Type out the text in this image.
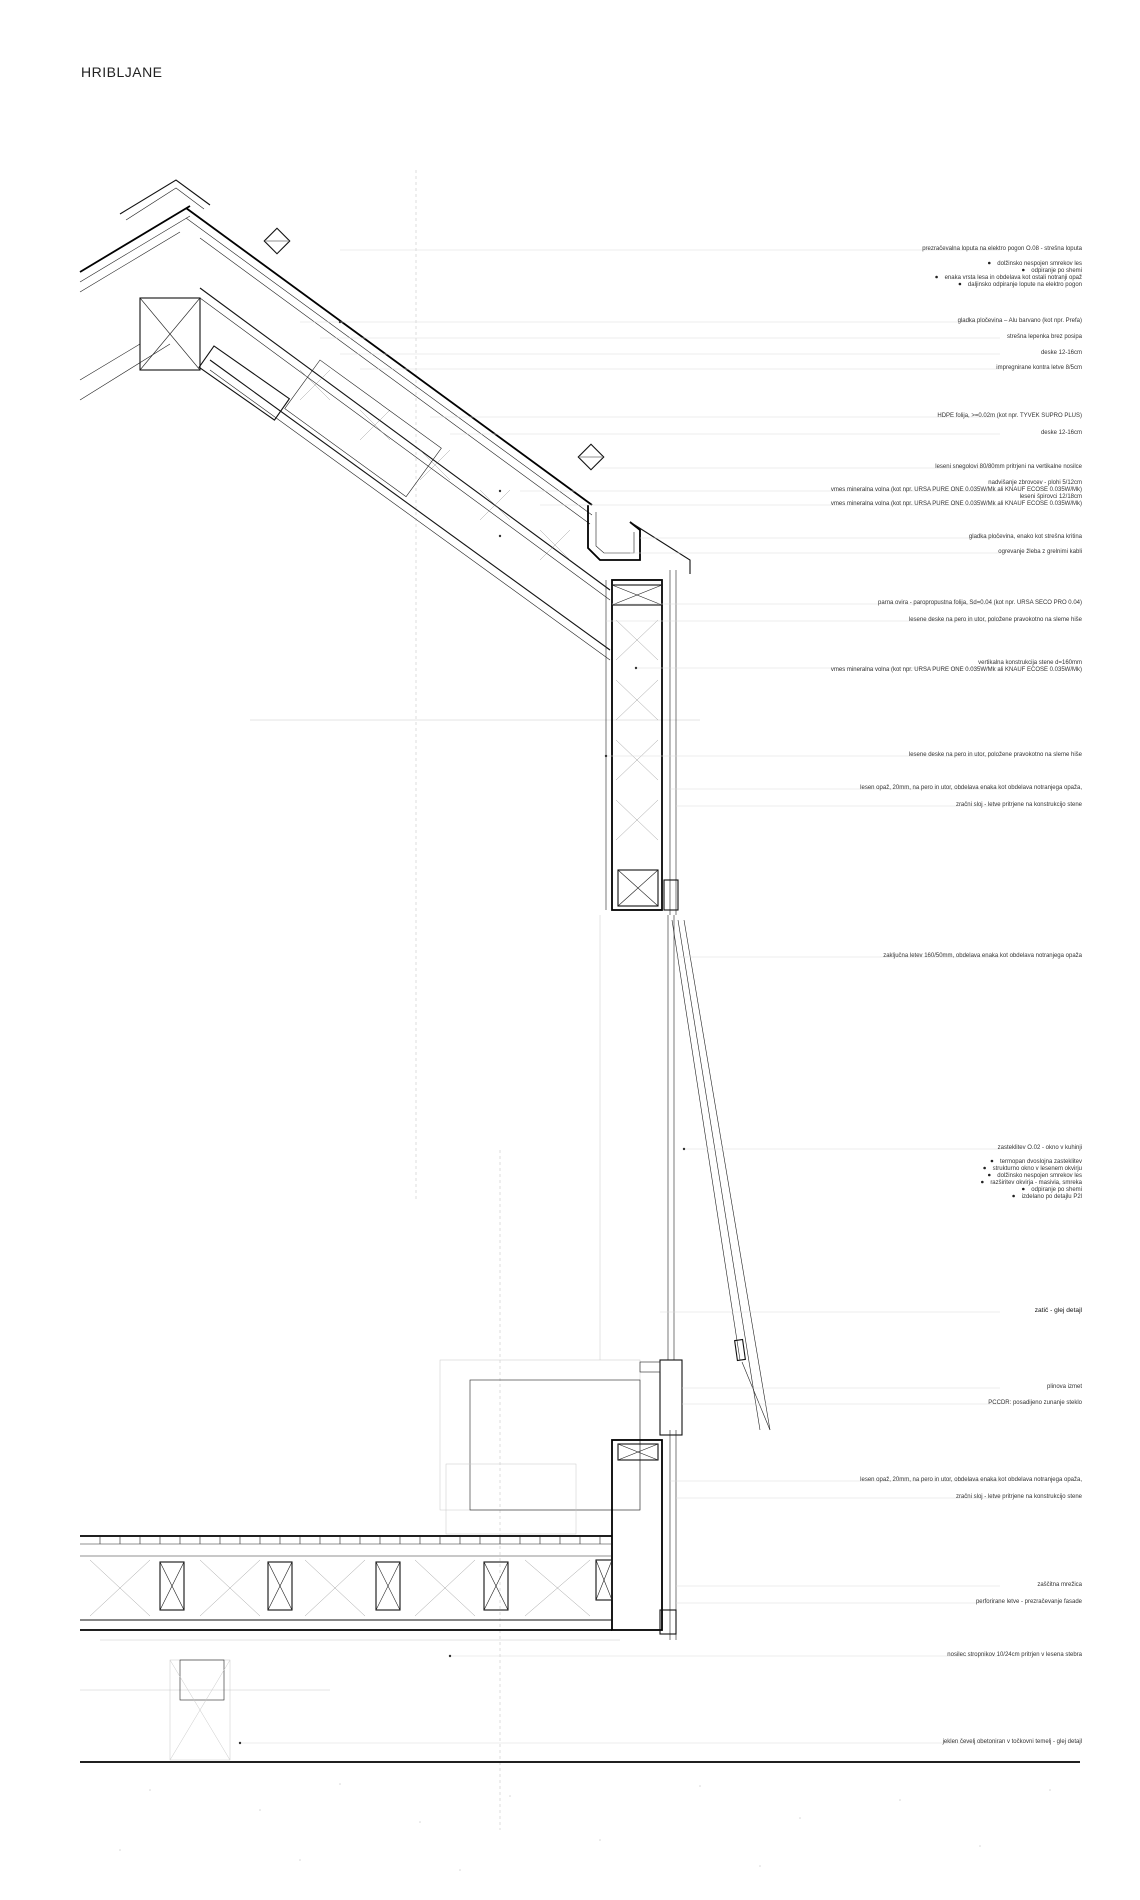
HRIBLJANE
prezračevalna loputa na elektro pogon O.08 - strešna loputa
dolžinsko nespojen smrekov les
odpiranje po shemi
enaka vrsta lesa in obdelava kot ostali notranji opaž
daljinsko odpiranje lopute na elektro pogon
gladka pločevina – Alu barvano (kot npr. Prefa)
strešna lepenka brez posipa
deske 12-16cm
impregnirane kontra letve 8/5cm
HDPE folija, >=0.02m (kot npr. TYVEK SUPRO PLUS)
deske 12-16cm
leseni snegolovi 80/80mm pritrjeni na vertikalne nosilce
nadvišanje zbrovcev - plohi 5/12cm
vmes mineralna volna (kot npr. URSA PURE ONE 0.035W/Mk ali KNAUF ECOSE 0.035W/Mk)
leseni špirovci 12/18cm
vmes mineralna volna (kot npr. URSA PURE ONE 0.035W/Mk ali KNAUF ECOSE 0.035W/Mk)
gladka pločevina, enako kot strešna kritina
ogrevanje žleba z grelnimi kabli
parna ovira - paropropustna folija, Sd=0.04 (kot npr. URSA SECO PRO 0.04)
lesene deske na pero in utor, položene pravokotno na sleme hiše
vertikalna konstrukcija stene d=160mm
vmes mineralna volna (kot npr. URSA PURE ONE 0.035W/Mk ali KNAUF ECOSE 0.035W/Mk)
lesene deske na pero in utor, položene pravokotno na sleme hiše
lesen opaž, 20mm, na pero in utor, obdelava enaka kot obdelava notranjega opaža,
zračni sloj - letve pritrjene na konstrukcijo stene
zaključna letev 160/50mm, obdelava enaka kot obdelava notranjega opaža
zasteklitev O.02 - okno v kuhinji
termopan dvoslojna zasteklitev
strukturno okno v lesenem okvirju
dolžinsko nespojen smrekov les
razširitev okvirja - masivia, smreka
odpiranje po shemi
izdelano po detajlu P2l
zatič - glej detajl
plinova izmet
PCCDR: posadijeno zunanje steklo
lesen opaž, 20mm, na pero in utor, obdelava enaka kot obdelava notranjega opaža,
zračni sloj - letve pritrjene na konstrukcijo stene
zaščitna mrežica
perforirane letve - prezračevanje fasade
nosilec stropnikov 10/24cm pritrjen v lesena stebra
jeklen čevelj obetoniran v točkovni temelj - glej detajl
